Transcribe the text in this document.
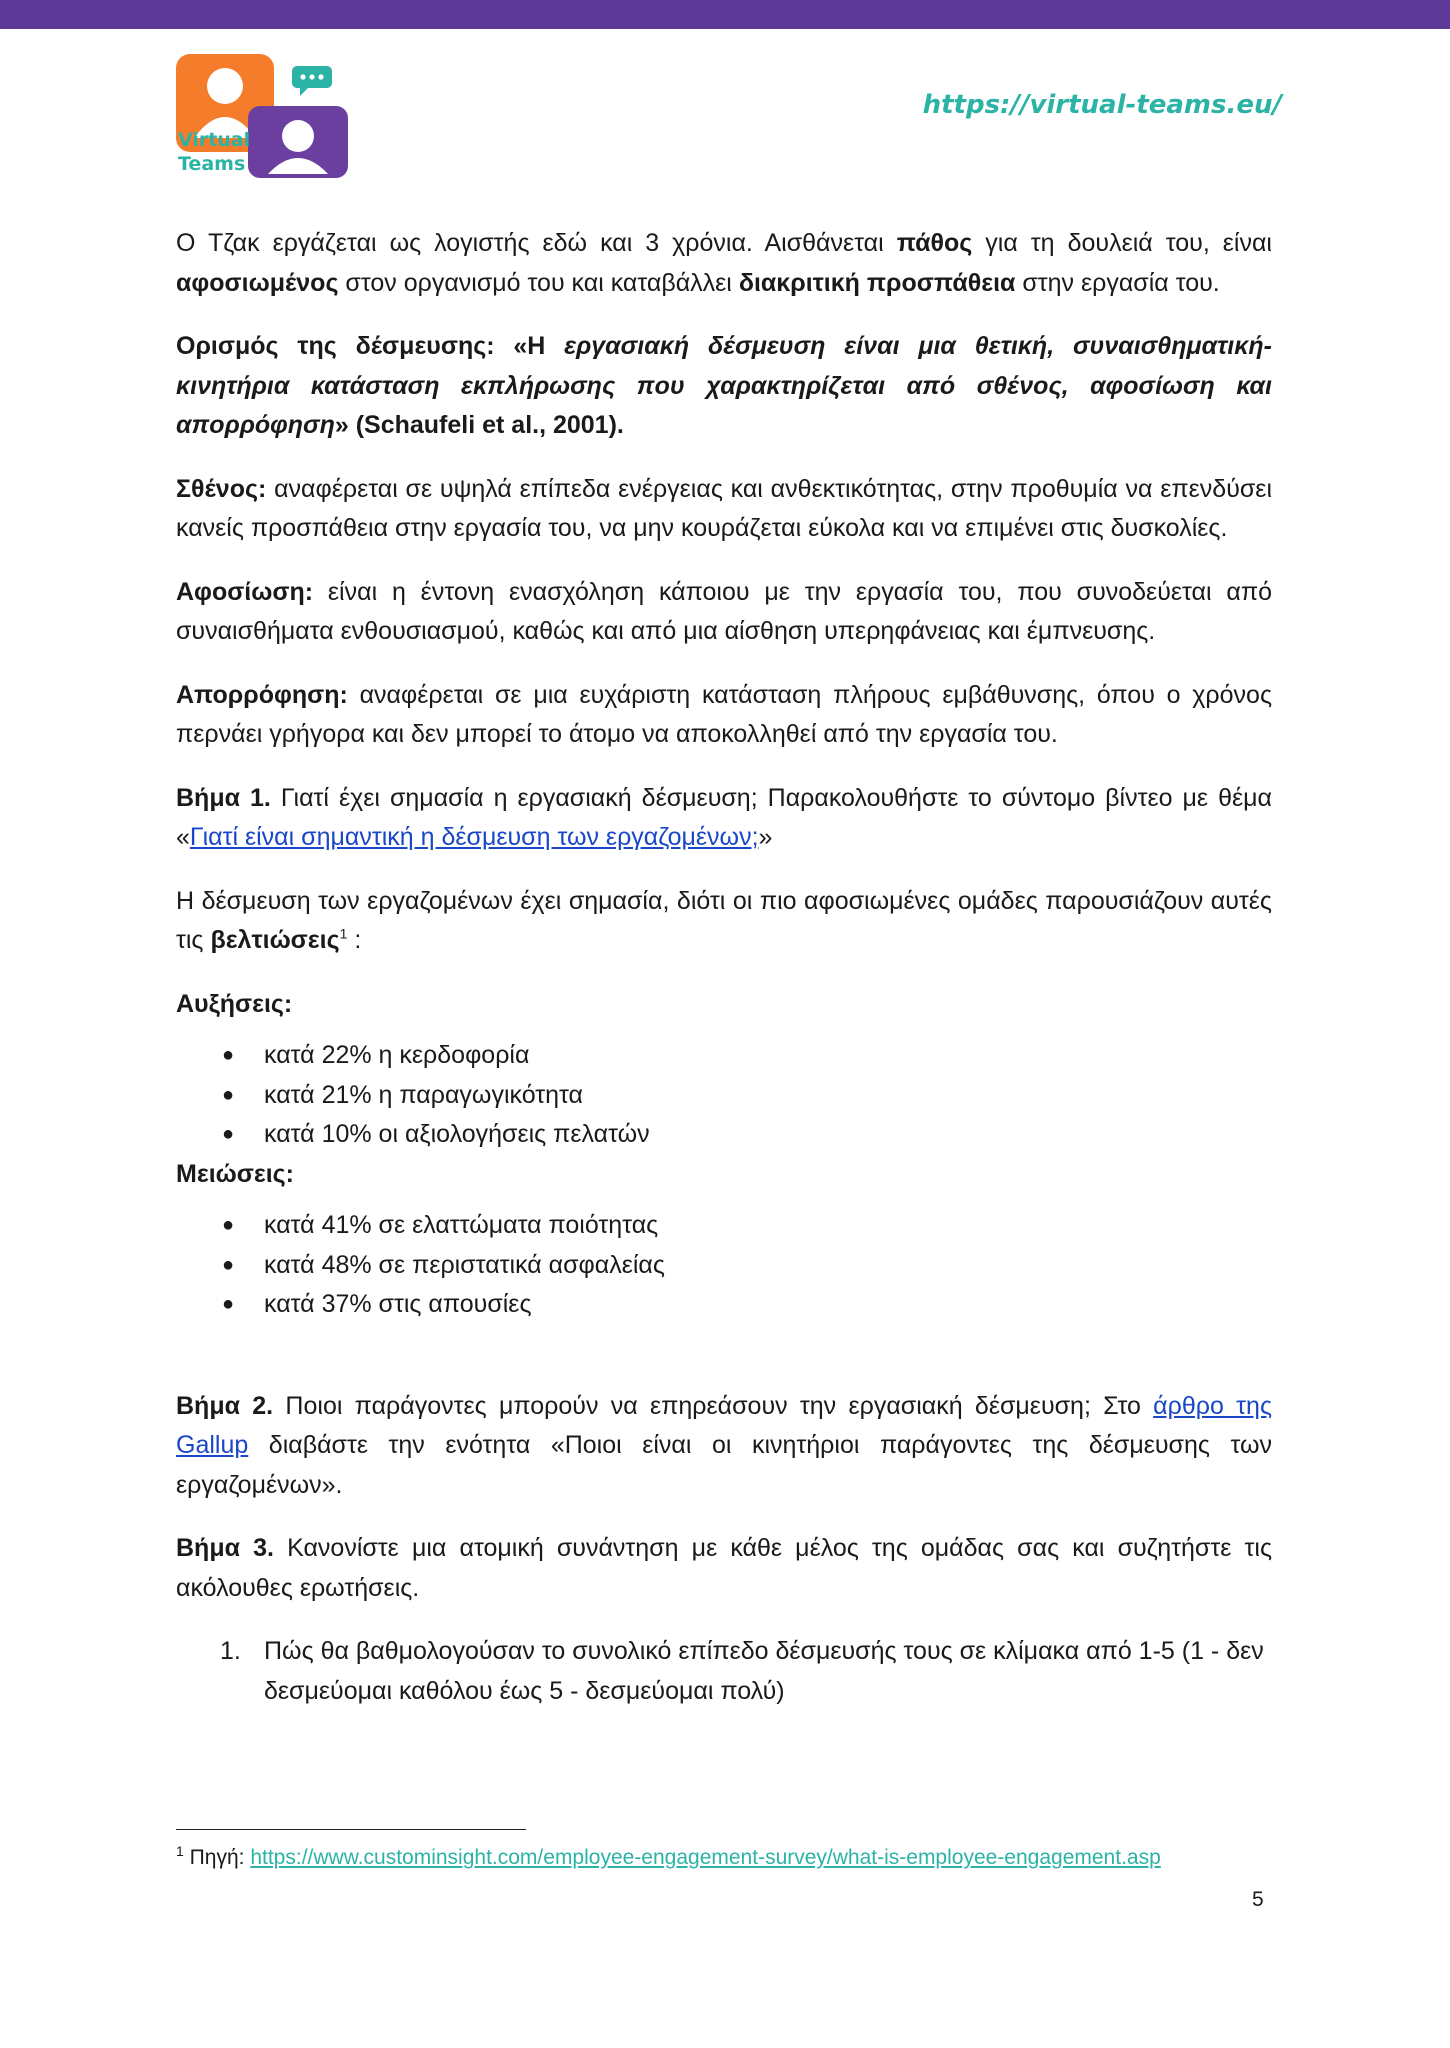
Virtual
Teams

https://virtual-teams.eu/

Ο Τζακ εργάζεται ως λογιστής εδώ και 3 χρόνια. Αισθάνεται πάθος για τη δουλειά του, είναι αφοσιωμένος στον οργανισμό του και καταβάλλει διακριτική προσπάθεια στην εργασία του.

Ορισμός της δέσμευσης: «Η εργασιακή δέσμευση είναι μια θετική, συναισθηματική-κινητήρια κατάσταση εκπλήρωσης που χαρακτηρίζεται από σθένος, αφοσίωση και απορρόφηση» (Schaufeli et al., 2001).

Σθένος: αναφέρεται σε υψηλά επίπεδα ενέργειας και ανθεκτικότητας, στην προθυμία να επενδύσει κανείς προσπάθεια στην εργασία του, να μην κουράζεται εύκολα και να επιμένει στις δυσκολίες.

Αφοσίωση: είναι η έντονη ενασχόληση κάποιου με την εργασία του, που συνοδεύεται από συναισθήματα ενθουσιασμού, καθώς και από μια αίσθηση υπερηφάνειας και έμπνευσης.

Απορρόφηση: αναφέρεται σε μια ευχάριστη κατάσταση πλήρους εμβάθυνσης, όπου ο χρόνος περνάει γρήγορα και δεν μπορεί το άτομο να αποκολληθεί από την εργασία του.

Βήμα 1. Γιατί έχει σημασία η εργασιακή δέσμευση; Παρακολουθήστε το σύντομο βίντεο με θέμα «Γιατί είναι σημαντική η δέσμευση των εργαζομένων;»

Η δέσμευση των εργαζομένων έχει σημασία, διότι οι πιο αφοσιωμένες ομάδες παρουσιάζουν αυτές τις βελτιώσεις$^1$ :

Αυξήσεις:
● κατά 22% η κερδοφορία
● κατά 21% η παραγωγικότητα
● κατά 10% οι αξιολογήσεις πελατών
Μειώσεις:
● κατά 41% σε ελαττώματα ποιότητας
● κατά 48% σε περιστατικά ασφαλείας
● κατά 37% στις απουσίες

Βήμα 2. Ποιοι παράγοντες μπορούν να επηρεάσουν την εργασιακή δέσμευση; Στο άρθρο της Gallup διαβάστε την ενότητα «Ποιοι είναι οι κινητήριοι παράγοντες της δέσμευσης των εργαζομένων».

Βήμα 3. Κανονίστε μια ατομική συνάντηση με κάθε μέλος της ομάδας σας και συζητήστε τις ακόλουθες ερωτήσεις.

1. Πώς θα βαθμολογούσαν το συνολικό επίπεδο δέσμευσής τους σε κλίμακα από 1-5 (1 - δεν δεσμεύομαι καθόλου έως 5 - δεσμεύομαι πολύ)

$^1$ Πηγή: https://www.custominsight.com/employee-engagement-survey/what-is-employee-engagement.asp

5
